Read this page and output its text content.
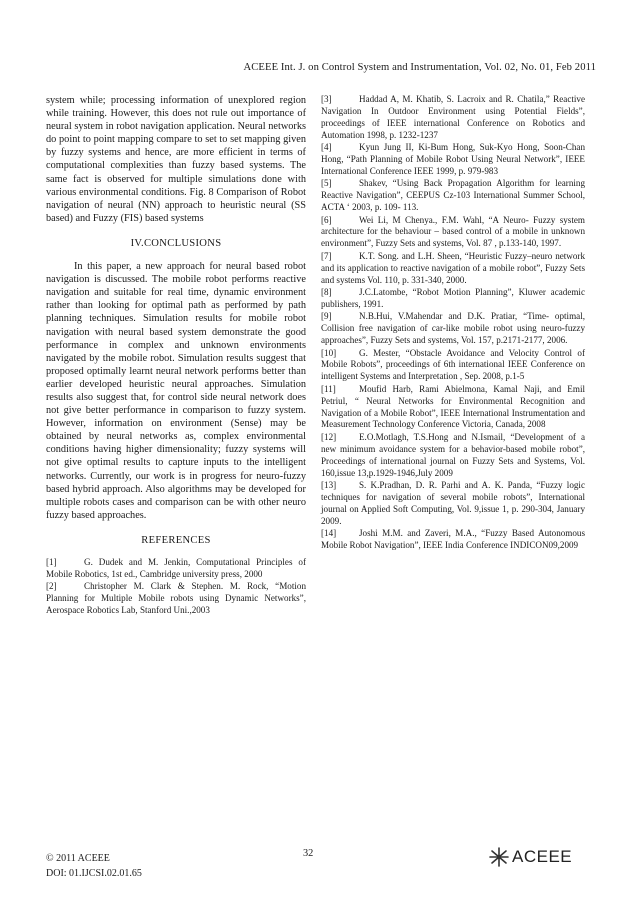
ACEEE Int. J. on Control System and Instrumentation, Vol. 02, No. 01, Feb 2011

system while; processing information of unexplored region while training. However, this does not rule out importance of neural system in robot navigation application. Neural networks do point to point mapping compare to set to set mapping given by fuzzy systems and hence, are more efficient in terms of computational complexities than fuzzy based systems. The same fact is observed for multiple simulations done with various environmental conditions. Fig. 8 Comparison of Robot navigation of neural (NN) approach to heuristic neural (SS based) and Fuzzy (FIS) based systems

IV.CONCLUSIONS

In this paper, a new approach for neural based robot navigation is discussed. The mobile robot performs reactive navigation and suitable for real time, dynamic environment rather than looking for optimal path as performed by path planning techniques. Simulation results for mobile robot navigation with neural based system demonstrate the good performance in complex and unknown environments navigated by the mobile robot. Simulation results suggest that proposed optimally learnt neural network performs better than earlier developed heuristic neural approaches. Simulation results also suggest that, for control side neural network does not give better performance in comparison to fuzzy system. However, information on environment (Sense) may be obtained by neural networks as, complex environmental conditions having higher dimensionality; fuzzy systems will not give optimal results to capture inputs to the intelligent networks. Currently, our work is in progress for neuro-fuzzy based hybrid approach. Also algorithms may be developed for multiple robots cases and comparison can be with other neuro fuzzy based approaches.

REFERENCES

[1]	G. Dudek and M. Jenkin, Computational Principles of Mobile Robotics, 1st ed., Cambridge university press, 2000

[2]	Christopher M. Clark & Stephen. M. Rock, “Motion Planning for Multiple Mobile robots using Dynamic Networks”, Aerospace Robotics Lab, Stanford Uni.,2003

[3]	Haddad A, M. Khatib, S. Lacroix and R. Chatila,” Reactive Navigation In Outdoor Environment using Potential Fields”, proceedings of IEEE international Conference on Robotics and Automation 1998, p. 1232-1237

[4]	Kyun Jung II, Ki-Bum Hong, Suk-Kyo Hong, Soon-Chan Hong, “Path Planning of Mobile Robot Using Neural Network”, IEEE International Conference IEEE 1999, p. 979-983

[5]	Shakev, “Using Back Propagation Algorithm for learning Reactive Navigation”, CEEPUS Cz-103 International Summer School, ACTA ‘ 2003, p. 109- 113.

[6]	Wei Li, M Chenya., F.M. Wahl, “A Neuro- Fuzzy system architecture for the behaviour – based control of a mobile in unknown environment”, Fuzzy Sets and systems, Vol. 87 , p.133-140, 1997.

[7]	K.T. Song. and L.H. Sheen, “Heuristic Fuzzy–neuro network and its application to reactive navigation of a mobile robot”, Fuzzy Sets and systems Vol. 110, p. 331-340, 2000.

[8]	J.C.Latombe, “Robot Motion Planning”, Kluwer academic publishers, 1991.

[9]	N.B.Hui, V.Mahendar and D.K. Pratiar, “Time- optimal, Collision free navigation of car-like mobile robot using neuro-fuzzy approaches”, Fuzzy Sets and systems, Vol. 157, p.2171-2177, 2006.

[10]	G. Mester, “Obstacle Avoidance and Velocity Control of Mobile Robots”, proceedings of 6th international IEEE Conference on intelligent Systems and Interpretation , Sep. 2008, p.1-5

[11]	Moufid Harb, Rami Abielmona, Kamal Naji, and Emil Petriul, “ Neural Networks for Environmental Recognition and Navigation of a Mobile Robot”, IEEE International Instrumentation and Measurement Technology Conference Victoria, Canada, 2008

[12]	E.O.Motlagh, T.S.Hong and N.Ismail, “Development of a new minimum avoidance system for a behavior-based mobile robot”, Proceedings of international journal on Fuzzy Sets and Systems, Vol. 160,issue 13,p.1929-1946,July 2009

[13]	S. K.Pradhan, D. R. Parhi and A. K. Panda, “Fuzzy logic techniques for navigation of several mobile robots”, International journal on Applied Soft Computing, Vol. 9,issue 1, p. 290-304, January 2009.

[14]	Joshi M.M. and Zaveri, M.A., “Fuzzy Based Autonomous Mobile Robot Navigation”, IEEE India Conference INDICON09,2009

© 2011 ACEEE
DOI: 01.IJCSI.02.01.65
32	ACEEE
